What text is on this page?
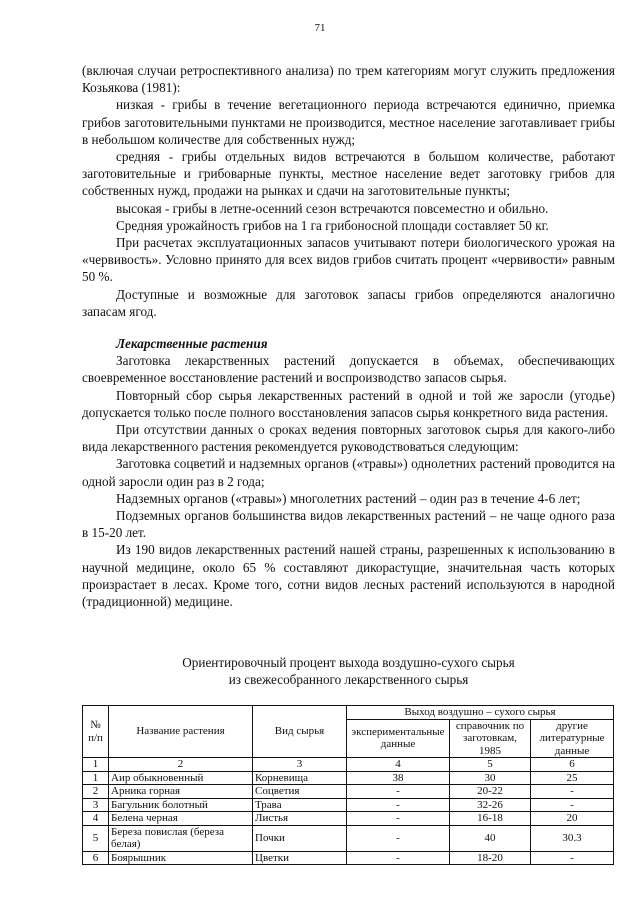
71

(включая случаи ретроспективного анализа) по трем категориям могут служить предложения Козьякова (1981):

низкая - грибы в течение вегетационного периода встречаются единично, приемка грибов заготовительными пунктами не производится, местное население заготавливает грибы в небольшом количестве для собственных нужд;

средняя - грибы отдельных видов встречаются в большом количестве, работают заготовительные и грибоварные пункты, местное население ведет заготовку грибов для собственных нужд, продажи на рынках и сдачи на заготовительные пункты;

высокая - грибы в летне-осенний сезон встречаются повсеместно и обильно.

Средняя урожайность грибов на 1 га грибоносной площади составляет 50 кг.

При расчетах эксплуатационных запасов учитывают потери биологического урожая на «червивость». Условно принято для всех видов грибов считать процент «червивости» равным 50 %.

Доступные и возможные для заготовок запасы грибов определяются аналогично запасам ягод.

Лекарственные растения

Заготовка лекарственных растений допускается в объемах, обеспечивающих своевременное восстановление растений и воспроизводство запасов сырья.

Повторный сбор сырья лекарственных растений в одной и той же заросли (угодье) допускается только после полного восстановления запасов сырья конкретного вида растения.

При отсутствии данных о сроках ведения повторных заготовок сырья для какого-либо вида лекарственного растения рекомендуется руководствоваться следующим:

Заготовка соцветий и надземных органов («травы») однолетних растений проводится на одной заросли один раз в 2 года;

Надземных органов («травы») многолетних растений – один раз в течение 4-6 лет;

Подземных органов большинства видов лекарственных растений – не чаще одного раза в 15-20 лет.

Из 190 видов лекарственных растений нашей страны, разрешенных к использованию в научной медицине, около 65 % составляют дикорастущие, значительная часть которых произрастает в лесах. Кроме того, сотни видов лесных растений используются в народной (традиционной) медицине.

Ориентировочный процент выхода воздушно-сухого сырья
из свежесобранного лекарственного сырья
№ п/п	Название растения	Вид сырья	Выход воздушно – сухого сырья		
			экспериментальные данные	справочник по заготовкам, 1985	другие литературные данные
1	2	3	4	5	6
1	Аир обыкновенный	Корневища	38	30	25
2	Арника горная	Соцветия	-	20-22	-
3	Багульник болотный	Трава	-	32-26	-
4	Белена черная	Листья	-	16-18	20
5	Береза повислая (береза белая)	Почки	-	40	30.3
6	Боярышник	Цветки	-	18-20	-
